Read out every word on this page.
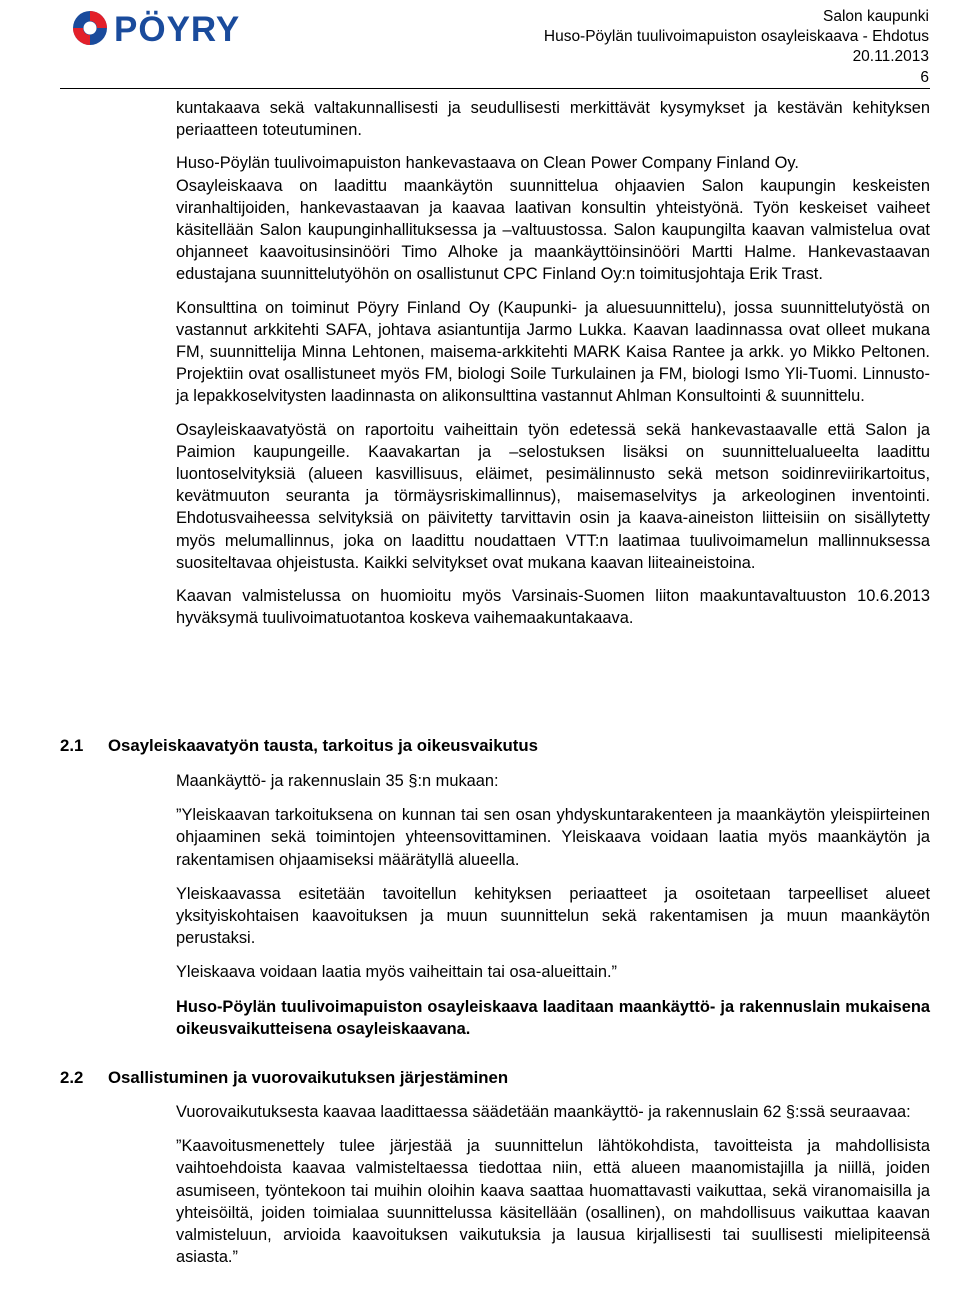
PÖYRY	Salon kaupunki
Huso-Pöylän tuulivoimapuiston osayleiskaava - Ehdotus
20.11.2013
6

kuntakaava sekä valtakunnallisesti ja seudullisesti merkittävät kysymykset ja kestävän kehityksen periaatteen toteutuminen.

Huso-Pöylän tuulivoimapuiston hankevastaava on Clean Power Company Finland Oy.

Osayleiskaava on laadittu maankäytön suunnittelua ohjaavien Salon kaupungin keskeisten viranhaltijoiden, hankevastaavan ja kaavaa laativan konsultin yhteistyönä. Työn keskeiset vaiheet käsitellään Salon kaupunginhallituksessa ja –valtuustossa. Salon kaupungilta kaavan valmistelua ovat ohjanneet kaavoitusinsinööri Timo Alhoke ja maankäyttöinsinööri Martti Halme. Hankevastaavan edustajana suunnittelutyöhön on osallistunut CPC Finland Oy:n toimitusjohtaja Erik Trast.

Konsulttina on toiminut Pöyry Finland Oy (Kaupunki- ja aluesuunnittelu), jossa suunnittelutyöstä on vastannut arkkitehti SAFA, johtava asiantuntija Jarmo Lukka. Kaavan laadinnassa ovat olleet mukana FM, suunnittelija Minna Lehtonen, maisema-arkkitehti MARK Kaisa Rantee ja arkk. yo Mikko Peltonen. Projektiin ovat osallistuneet myös FM, biologi Soile Turkulainen ja FM, biologi Ismo Yli-Tuomi. Linnusto- ja lepakkoselvitysten laadinnasta on alikonsulttina vastannut Ahlman Konsultointi & suunnittelu.

Osayleiskaavatyöstä on raportoitu vaiheittain työn edetessä sekä hankevastaavalle että Salon ja Paimion kaupungeille. Kaavakartan ja –selostuksen lisäksi on suunnittelualueelta laadittu luontoselvityksiä (alueen kasvillisuus, eläimet, pesimälinnusto sekä metson soidinreviirikartoitus, kevätmuuton seuranta ja törmäysriskimallinnus), maisemaselvitys ja arkeologinen inventointi. Ehdotusvaiheessa selvityksiä on päivitetty tarvittavin osin ja kaava-aineiston liitteisiin on sisällytetty myös melumallinnus, joka on laadittu noudattaen VTT:n laatimaa tuulivoimamelun mallinnuksessa suositeltavaa ohjeistusta. Kaikki selvitykset ovat mukana kaavan liiteaineistoina.

Kaavan valmistelussa on huomioitu myös Varsinais-Suomen liiton maakuntavaltuuston 10.6.2013 hyväksymä tuulivoimatuotantoa koskeva vaihemaakuntakaava.

2.1 Osayleiskaavatyön tausta, tarkoitus ja oikeusvaikutus

Maankäyttö- ja rakennuslain 35 §:n mukaan:

”Yleiskaavan tarkoituksena on kunnan tai sen osan yhdyskuntarakenteen ja maankäytön yleispiirteinen ohjaaminen sekä toimintojen yhteensovittaminen. Yleiskaava voidaan laatia myös maankäytön ja rakentamisen ohjaamiseksi määrätyllä alueella.

Yleiskaavassa esitetään tavoitellun kehityksen periaatteet ja osoitetaan tarpeelliset alueet yksityiskohtaisen kaavoituksen ja muun suunnittelun sekä rakentamisen ja muun maankäytön perustaksi.

Yleiskaava voidaan laatia myös vaiheittain tai osa-alueittain.”

Huso-Pöylän tuulivoimapuiston osayleiskaava laaditaan maankäyttö- ja rakennuslain mukaisena oikeusvaikutteisena osayleiskaavana.

2.2 Osallistuminen ja vuorovaikutuksen järjestäminen

Vuorovaikutuksesta kaavaa laadittaessa säädetään maankäyttö- ja rakennuslain 62 §:ssä seuraavaa:

”Kaavoitusmenettely tulee järjestää ja suunnittelun lähtökohdista, tavoitteista ja mahdollisista vaihtoehdoista kaavaa valmisteltaessa tiedottaa niin, että alueen maanomistajilla ja niillä, joiden asumiseen, työntekoon tai muihin oloihin kaava saattaa huomattavasti vaikuttaa, sekä viranomaisilla ja yhteisöiltä, joiden toimialaa suunnittelussa käsitellään (osallinen), on mahdollisuus vaikuttaa kaavan valmisteluun, arvioida kaavoituksen vaikutuksia ja lausua kirjallisesti tai suullisesti mielipiteensä asiasta.”
